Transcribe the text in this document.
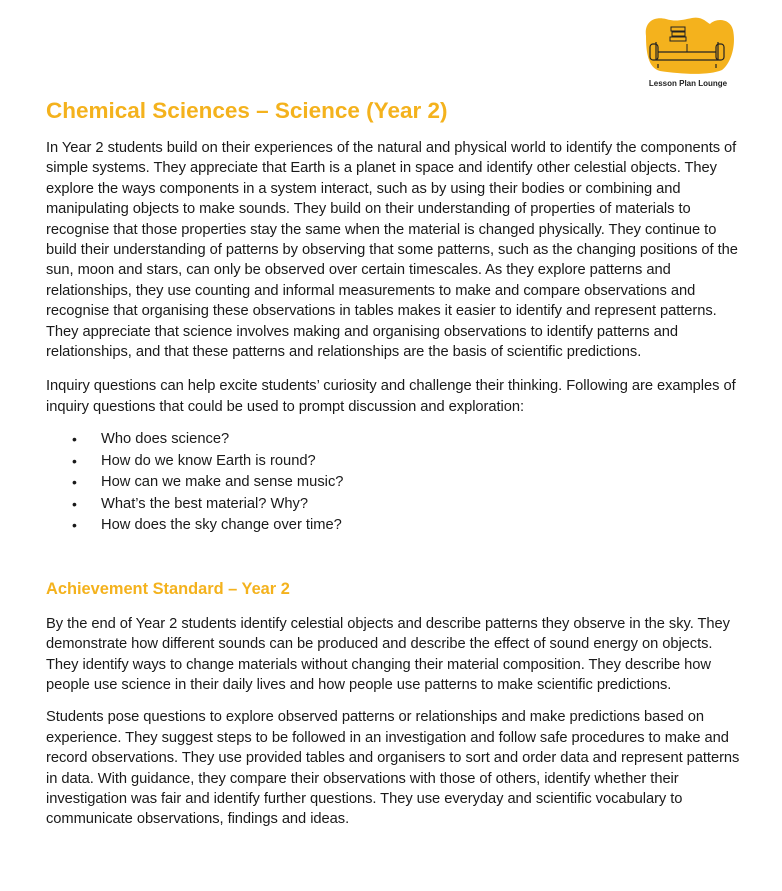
Lesson Plan Lounge
Chemical Sciences – Science (Year 2)

In Year 2 students build on their experiences of the natural and physical world to identify the components of simple systems. They appreciate that Earth is a planet in space and identify other celestial objects. They explore the ways components in a system interact, such as by using their bodies or combining and manipulating objects to make sounds. They build on their understanding of properties of materials to recognise that those properties stay the same when the material is changed physically. They continue to build their understanding of patterns by observing that some patterns, such as the changing positions of the sun, moon and stars, can only be observed over certain timescales. As they explore patterns and relationships, they use counting and informal measurements to make and compare observations and recognise that organising these observations in tables makes it easier to identify and represent patterns. They appreciate that science involves making and organising observations to identify patterns and relationships, and that these patterns and relationships are the basis of scientific predictions.

Inquiry questions can help excite students’ curiosity and challenge their thinking. Following are examples of inquiry questions that could be used to prompt discussion and exploration:

• Who does science?
• How do we know Earth is round?
• How can we make and sense music?
• What’s the best material? Why?
• How does the sky change over time?
Achievement Standard – Year 2

By the end of Year 2 students identify celestial objects and describe patterns they observe in the sky. They demonstrate how different sounds can be produced and describe the effect of sound energy on objects. They identify ways to change materials without changing their material composition. They describe how people use science in their daily lives and how people use patterns to make scientific predictions.

Students pose questions to explore observed patterns or relationships and make predictions based on experience. They suggest steps to be followed in an investigation and follow safe procedures to make and record observations. They use provided tables and organisers to sort and order data and represent patterns in data. With guidance, they compare their observations with those of others, identify whether their investigation was fair and identify further questions. They use everyday and scientific vocabulary to communicate observations, findings and ideas.
